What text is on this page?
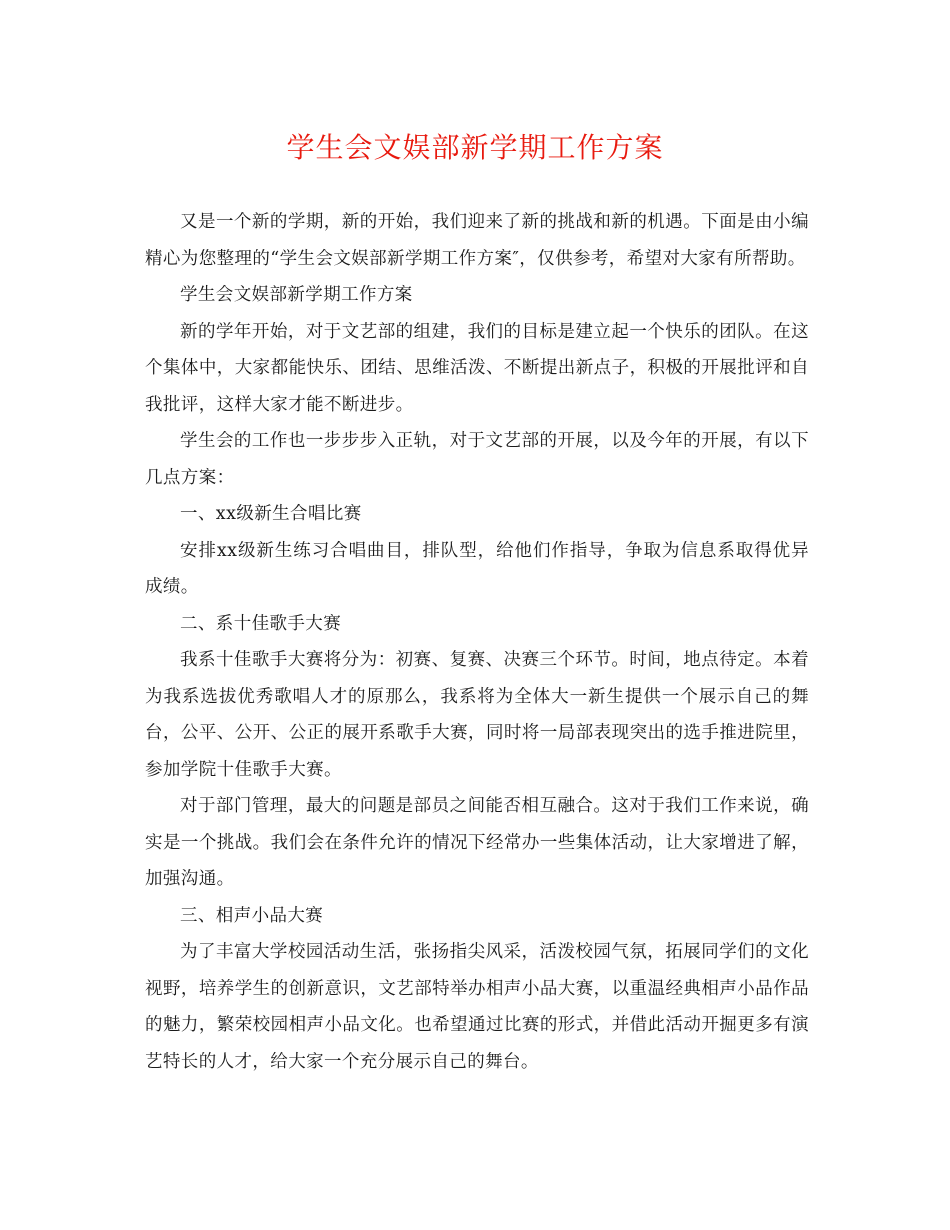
学生会文娱部新学期工作方案

又是一个新的学期，新的开始，我们迎来了新的挑战和新的机遇。下面是由小编精心为您整理的“学生会文娱部新学期工作方案″，仅供参考，希望对大家有所帮助。

学生会文娱部新学期工作方案

新的学年开始，对于文艺部的组建，我们的目标是建立起一个快乐的团队。在这个集体中，大家都能快乐、团结、思维活泼、不断提出新点子，积极的开展批评和自我批评，这样大家才能不断进步。

学生会的工作也一步步步入正轨，对于文艺部的开展，以及今年的开展，有以下几点方案：

一、xx级新生合唱比赛

安排xx级新生练习合唱曲目，排队型，给他们作指导，争取为信息系取得优异成绩。

二、系十佳歌手大赛

我系十佳歌手大赛将分为：初赛、复赛、决赛三个环节。时间，地点待定。本着为我系选拔优秀歌唱人才的原那么，我系将为全体大一新生提供一个展示自己的舞台，公平、公开、公正的展开系歌手大赛，同时将一局部表现突出的选手推进院里，参加学院十佳歌手大赛。

对于部门管理，最大的问题是部员之间能否相互融合。这对于我们工作来说，确实是一个挑战。我们会在条件允许的情况下经常办一些集体活动，让大家增进了解，加强沟通。

三、相声小品大赛

为了丰富大学校园活动生活，张扬指尖风采，活泼校园气氛，拓展同学们的文化视野，培养学生的创新意识，文艺部特举办相声小品大赛，以重温经典相声小品作品的魅力，繁荣校园相声小品文化。也希望通过比赛的形式，并借此活动开掘更多有演艺特长的人才，给大家一个充分展示自己的舞台。
